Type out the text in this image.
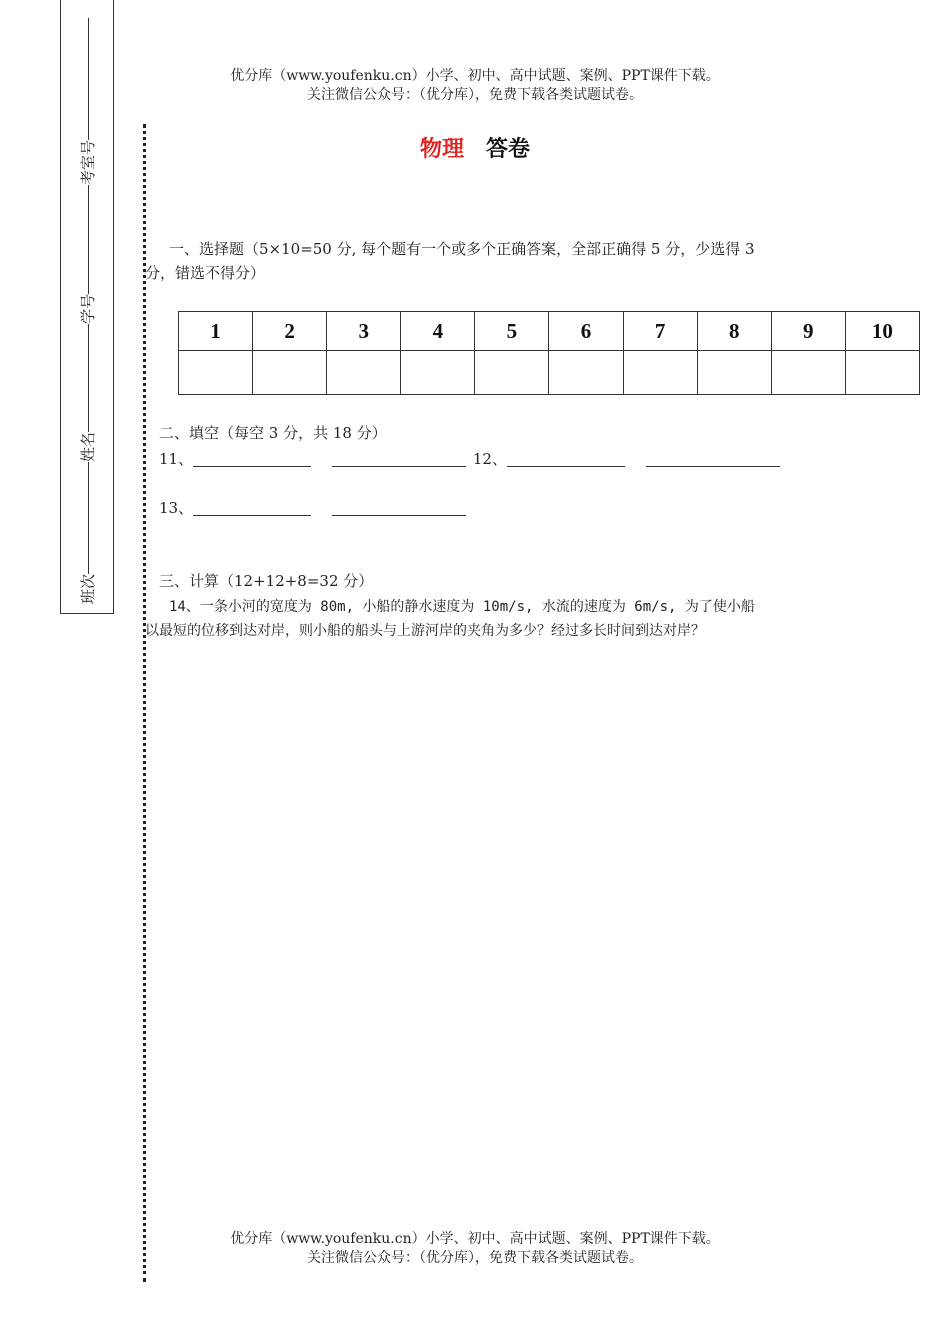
班次姓名学号考室号
优分库（www.youfenku.cn）小学、初中、高中试题、案例、PPT课件下载。
关注微信公众号：（优分库），免费下载各类试题试卷。
物理 答卷
一、选择题（5×10=50 分, 每个题有一个或多个正确答案，全部正确得 5 分，少选得 3
分，错选不得分）
1	2	3	4	5	6	7	8	9	10

二、填空（每空 3 分，共 18 分）
11、	12、
13、
三、计算（12+12+8=32 分）
14、一条小河的宽度为 80m, 小船的静水速度为 10m/s, 水流的速度为 6m/s, 为了使小船
以最短的位移到达对岸，则小船的船头与上游河岸的夹角为多少？经过多长时间到达对岸？
优分库（www.youfenku.cn）小学、初中、高中试题、案例、PPT课件下载。
关注微信公众号：（优分库），免费下载各类试题试卷。
